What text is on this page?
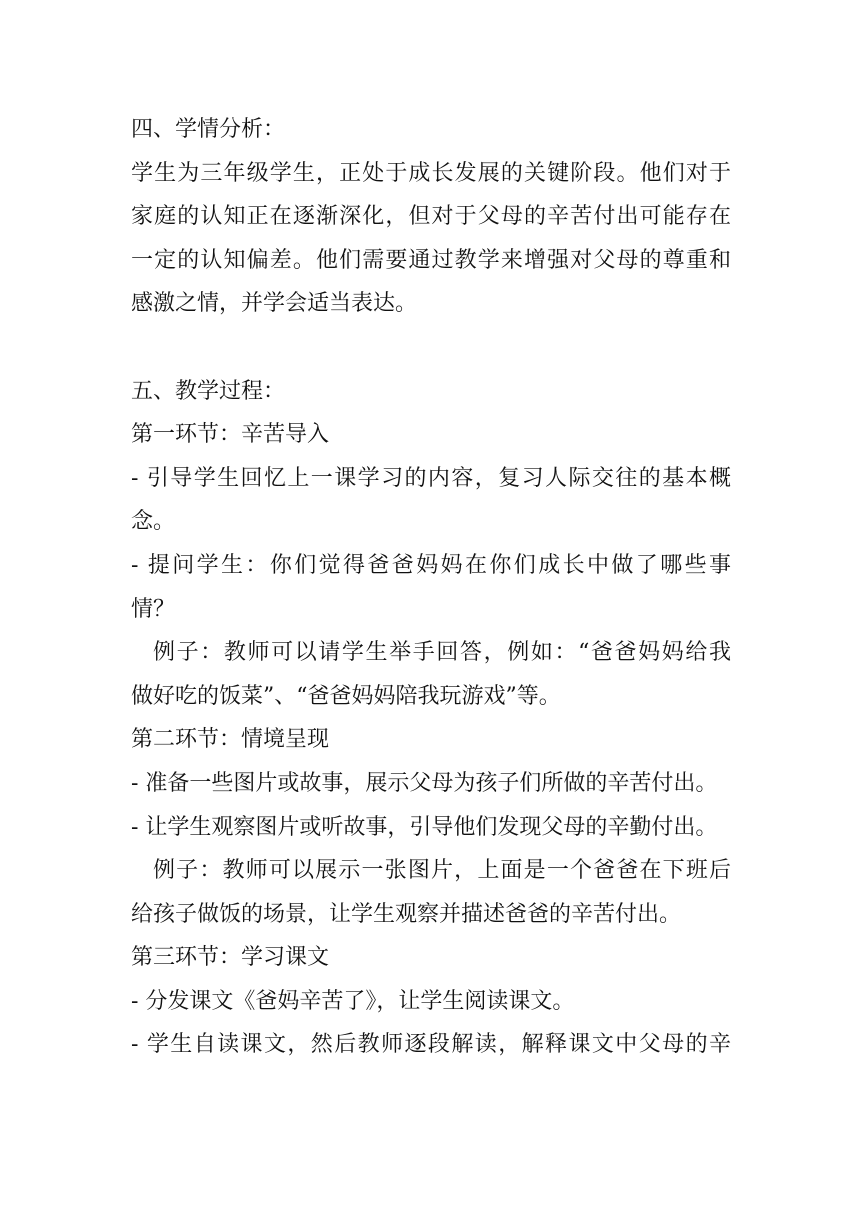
四、学情分析：
学生为三年级学生，正处于成长发展的关键阶段。他们对于
家庭的认知正在逐渐深化，但对于父母的辛苦付出可能存在
一定的认知偏差。他们需要通过教学来增强对父母的尊重和
感激之情，并学会适当表达。
五、教学过程：
第一环节：辛苦导入
- 引导学生回忆上一课学习的内容，复习人际交往的基本概
念。
- 提问学生：你们觉得爸爸妈妈在你们成长中做了哪些事
情？
例子：教师可以请学生举手回答，例如：“爸爸妈妈给我
做好吃的饭菜”、“爸爸妈妈陪我玩游戏”等。
第二环节：情境呈现
- 准备一些图片或故事，展示父母为孩子们所做的辛苦付出。
- 让学生观察图片或听故事，引导他们发现父母的辛勤付出。
例子：教师可以展示一张图片，上面是一个爸爸在下班后
给孩子做饭的场景，让学生观察并描述爸爸的辛苦付出。
第三环节：学习课文
- 分发课文《爸妈辛苦了》，让学生阅读课文。
- 学生自读课文，然后教师逐段解读，解释课文中父母的辛
